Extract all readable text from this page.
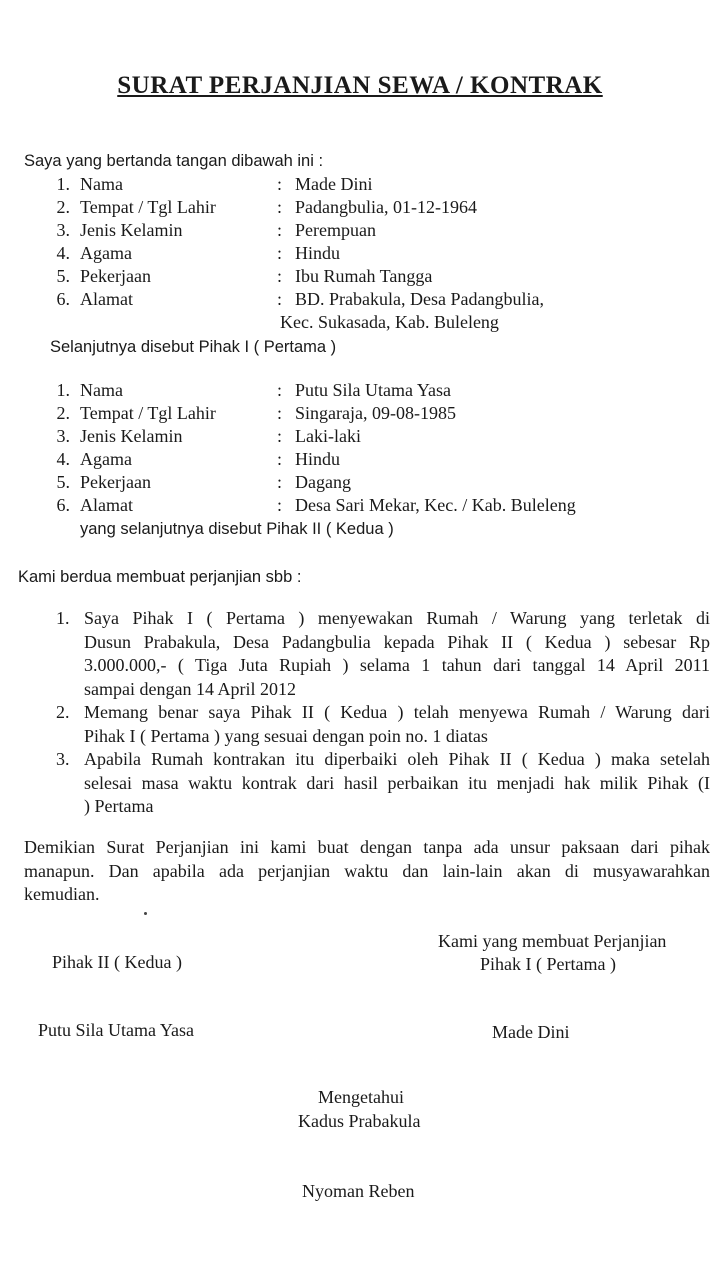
SURAT PERJANJIAN SEWA / KONTRAK
Saya yang bertanda tangan dibawah ini :
1. Nama	: Made Dini
2. Tempat / Tgl Lahir	: Padangbulia, 01-12-1964
3. Jenis Kelamin	: Perempuan
4. Agama	: Hindu
5. Pekerjaan	: Ibu Rumah Tangga
6. Alamat	: BD. Prabakula, Desa Padangbulia,
Kec. Sukasada, Kab. Buleleng
Selanjutnya disebut Pihak I ( Pertama )
1. Nama	: Putu Sila Utama Yasa
2. Tempat / Tgl Lahir	: Singaraja, 09-08-1985
3. Jenis Kelamin	: Laki-laki
4. Agama	: Hindu
5. Pekerjaan	: Dagang
6. Alamat	: Desa Sari Mekar, Kec. / Kab. Buleleng
yang selanjutnya disebut Pihak II ( Kedua )
Kami berdua membuat perjanjian sbb :
1. Saya Pihak I ( Pertama ) menyewakan Rumah / Warung yang terletak di
Dusun Prabakula, Desa Padangbulia kepada Pihak II ( Kedua ) sebesar Rp
3.000.000,- ( Tiga Juta Rupiah ) selama 1 tahun dari tanggal 14 April 2011
sampai dengan 14 April 2012
2. Memang benar saya Pihak II ( Kedua ) telah menyewa Rumah / Warung dari
Pihak I ( Pertama ) yang sesuai dengan poin no. 1 diatas
3. Apabila Rumah kontrakan itu diperbaiki oleh Pihak II ( Kedua ) maka setelah
selesai masa waktu kontrak dari hasil perbaikan itu menjadi hak milik Pihak (I
) Pertama
Demikian Surat Perjanjian ini kami buat dengan tanpa ada unsur paksaan dari pihak
manapun. Dan apabila ada perjanjian waktu dan lain-lain akan di musyawarahkan
kemudian.
Kami yang membuat Perjanjian
Pihak II ( Kedua )	Pihak I ( Pertama )
Putu Sila Utama Yasa	Made Dini
Mengetahui
Kadus Prabakula
Nyoman Reben
